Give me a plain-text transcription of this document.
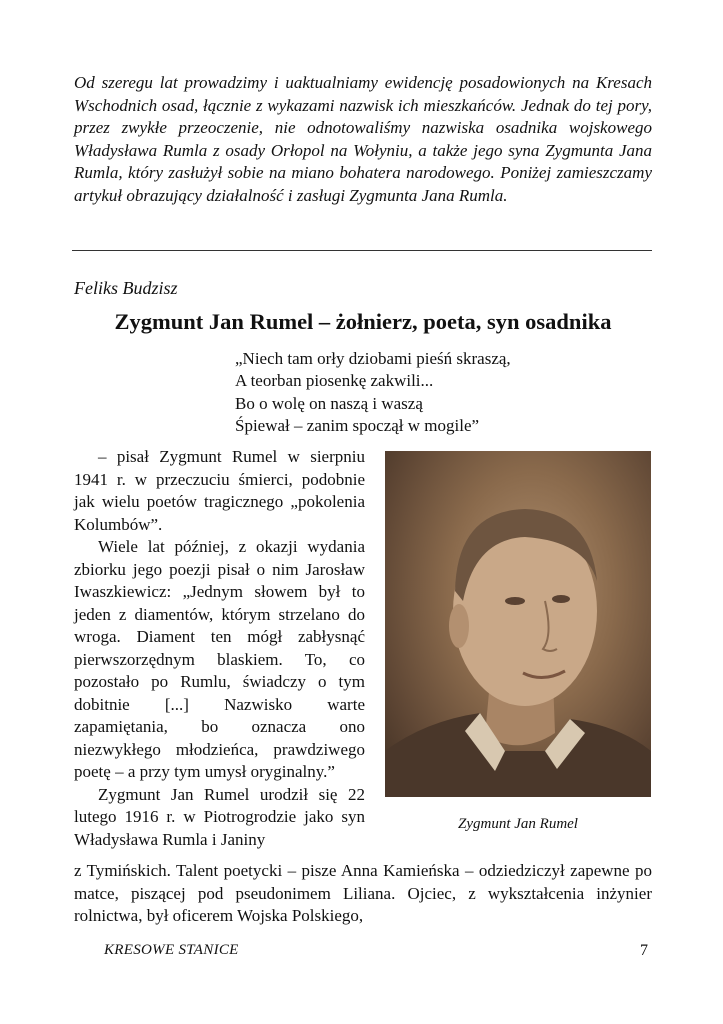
Od szeregu lat prowadzimy i uaktualniamy ewidencję posadowionych na Kresach Wschodnich osad, łącznie z wykazami nazwisk ich mieszkańców. Jednak do tej pory, przez zwykłe przeoczenie, nie odnotowaliśmy nazwiska osadnika wojskowego Władysława Rumla z osady Orłopol na Wołyniu, a także jego syna Zygmunta Jana Rumla, który zasłużył sobie na miano bohatera narodowego. Poniżej zamieszczamy artykuł obrazujący działalność i zasługi Zygmunta Jana Rumla.

Feliks Budzisz

Zygmunt Jan Rumel – żołnierz, poeta, syn osadnika
„Niech tam orły dziobami pieśń skraszą,
A teorban piosenkę zakwili...
Bo o wolę on naszą i waszą
Śpiewał – zanim spoczął w mogile”

– pisał Zygmunt Rumel w sierpniu 1941 r. w przeczuciu śmierci, podobnie jak wielu poetów tragicznego „pokolenia Kolumbów”.

Wiele lat później, z okazji wydania zbiorku jego poezji pisał o nim Jarosław Iwaszkiewicz: „Jednym słowem był to jeden z diamentów, którym strzelano do wroga. Diament ten mógł zabłysnąć pierwszorzędnym blaskiem. To, co pozostało po Rumlu, świadczy o tym dobitnie [...] Nazwisko warte zapamiętania, bo oznacza ono niezwykłego młodzieńca, prawdziwego poetę – a przy tym umysł oryginalny.”

Zygmunt Jan Rumel urodził się 22 lutego 1916 r. w Piotrogrodzie jako syn Władysława Rumla i Janiny

Zygmunt Jan Rumel

z Tymińskich. Talent poetycki – pisze Anna Kamieńska – odziedziczył zapewne po matce, piszącej pod pseudonimem Liliana. Ojciec, z wykształcenia inżynier rolnictwa, był oficerem Wojska Polskiego,

KRESOWE STANICE	7
